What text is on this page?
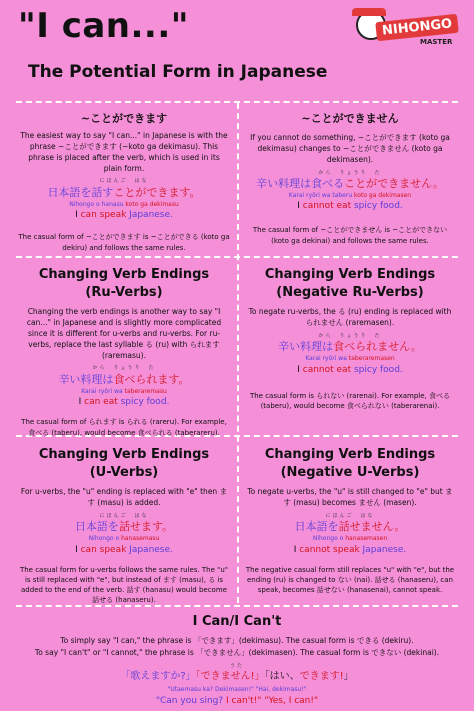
"I can..."
The Potential Form in Japanese
NIHONGO
MASTER
~ことができます

The easiest way to say "I can..." in Japanese is with the phrase ~ことができます (~koto ga dekimasu). This phrase is placed after the verb, which is used in its plain form.

にほんご　はな
日本語を話すことができます。
Nihongo o hanasu koto ga dekimasu
I can speak Japanese.

The casual form of ~ことができます is ~ことができる (koto ga dekiru) and follows the same rules.

~ことができません

If you cannot do something, ~ことができます (koto ga dekimasu) changes to ~ことができません (koto ga dekimasen).

から　りょうり　た
辛い料理は食べることができません。
Karai ryōri wa taberu koto ga dekimasen
I cannot eat spicy food.

The casual form of ~ことができません is ~ことができない (koto ga dekinai) and follows the same rules.

Changing Verb Endings
(Ru-Verbs)

Changing the verb endings is another way to say "I can..." in Japanese and is slightly more complicated since it is different for u-verbs and ru-verbs. For ru-verbs, replace the last syllable る (ru) with られます (raremasu).

から　りょうり　た
辛い料理は食べられます。
Karai ryōri wa taberaremasu
I can eat spicy food.

The casual form of られます is られる (rareru). For example, 食べる (taberu), would become 食べられる (taberareru).

Changing Verb Endings
(Negative Ru-Verbs)

To negate ru-verbs, the る (ru) ending is replaced with られません (raremasen).

から　りょうり　た
辛い料理は食べられません。
Karai ryōri wa taberaremasen
I cannot eat spicy food.

The casual form is られない (rarenai). For example, 食べる (taberu), would become 食べられない (taberarenai).

Changing Verb Endings
(U-Verbs)

For u-verbs, the "u" ending is replaced with "e" then ます (masu) is added.

にほんご　はな
日本語を話せます。
Nihongo o hanasemasu
I can speak Japanese.

The casual form for u-verbs follows the same rules. The "u" is still replaced with "e", but instead of ます (masu), る is added to the end of the verb. 話す (hanasu) would become 話せる (hanaseru).

Changing Verb Endings
(Negative U-Verbs)

To negate u-verbs, the "u" is still changed to "e" but ます (masu) becomes ません (masen).

にほんご　はな
日本語を話せません。
Nihongo o hanasemasen
I cannot speak Japanese.

The negative casual form still replaces "u" with "e", but the ending (ru) is changed to ない (nai). 話せる (hanaseru), can speak, becomes 話せない (hanasenai), cannot speak.

I Can/I Can't

To simply say "I can," the phrase is 「できます」(dekimasu). The casual form is できる (dekiru).

To say "I can't" or "I cannot," the phrase is 「できません」(dekimasen). The casual form is できない (dekinai).

うた
「歌えますか?」「できません!」「はい、できます!」
"Utaemasu ka? Dekimasen!" "Hai, dekimasu!"
"Can you sing? I can't!" "Yes, I can!"
